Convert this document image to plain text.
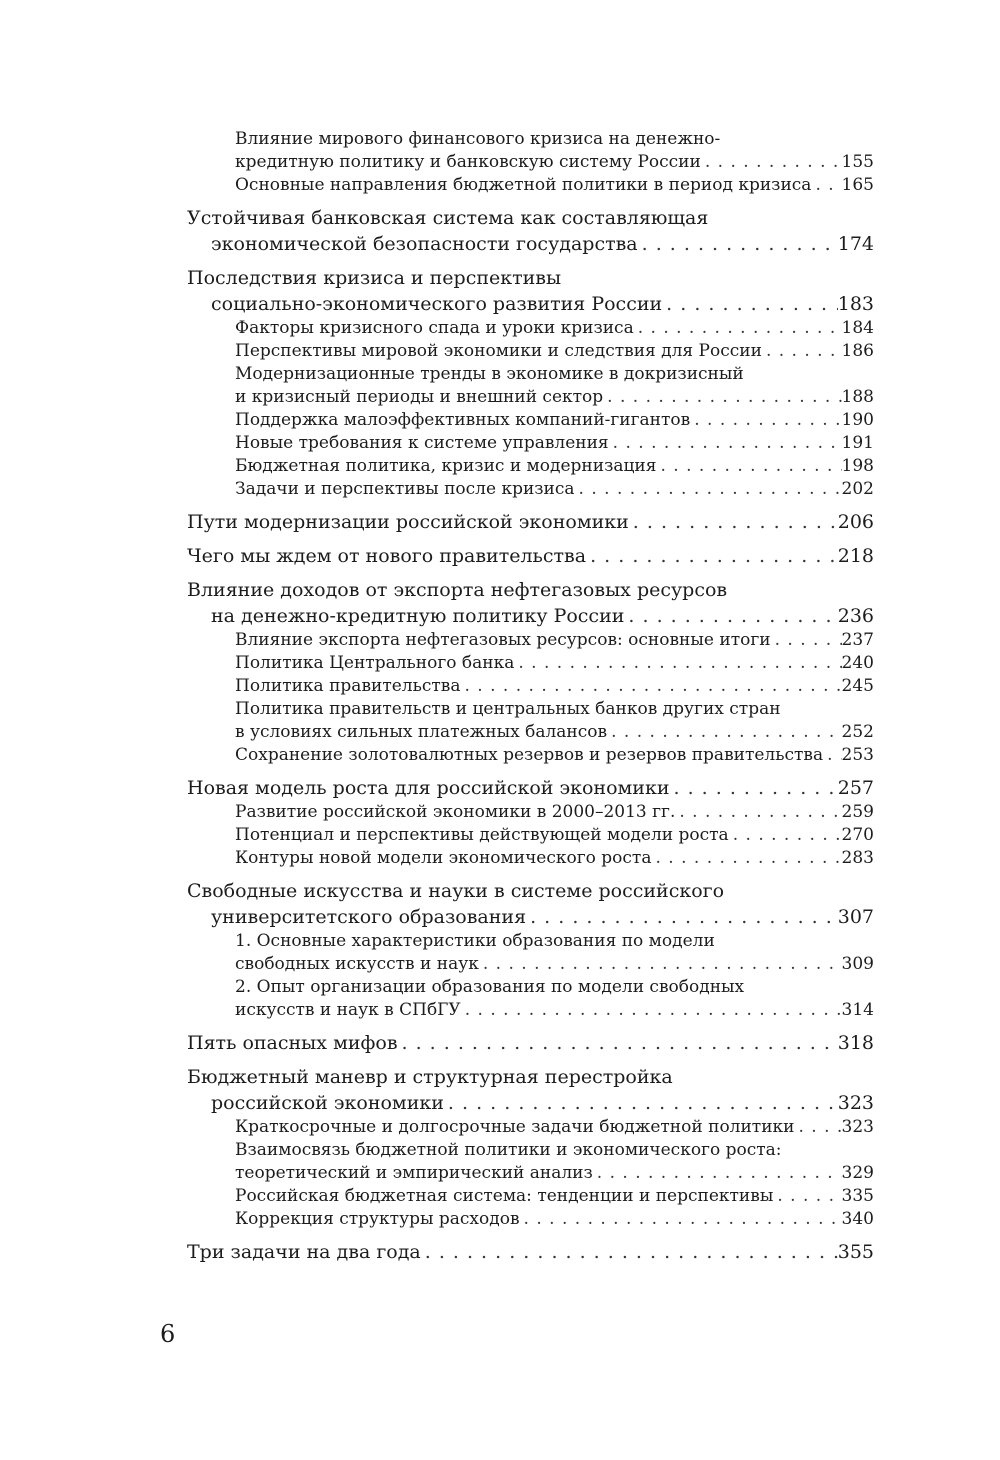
Влияние мирового финансового кризиса на денежно-
кредитную политику и банковскую систему России . . .	155
Основные направления бюджетной политики в период кризиса . . . 165
Устойчивая банковская система как составляющая
экономической безопасности государства . . .	174
Последствия кризиса и перспективы
социально-экономического развития России . . .	183
Факторы кризисного спада и уроки кризиса . . .	184
Перспективы мировой экономики и следствия для России . . .	186
Модернизационные тренды в экономике в докризисный
и кризисный периоды и внешний сектор . . .	188
Поддержка малоэффективных компаний-гигантов . . .	190
Новые требования к системе управления . . .	191
Бюджетная политика, кризис и модернизация . . .	198
Задачи и перспективы после кризиса . . .	202
Пути модернизации российской экономики . . .	206
Чего мы ждем от нового правительства . . .	218
Влияние доходов от экспорта нефтегазовых ресурсов
на денежно-кредитную политику России . . .	236
Влияние экспорта нефтегазовых ресурсов: основные итоги . . .	237
Политика Центрального банка . . .	240
Политика правительства . . .	245
Политика правительств и центральных банков других стран
в условиях сильных платежных балансов . . .	252
Сохранение золотовалютных резервов и резервов правительства . . . 253
Новая модель роста для российской экономики . . .	257
Развитие российской экономики в 2000–2013 гг. . . .	259
Потенциал и перспективы действующей модели роста . . .	270
Контуры новой модели экономического роста . . .	283
Свободные искусства и науки в системе российского
университетского образования . . .	307
1. Основные характеристики образования по модели
свободных искусств и наук . . .	309
2. Опыт организации образования по модели свободных
искусств и наук в СПбГУ . . .	314
Пять опасных мифов . . .	318
Бюджетный маневр и структурная перестройка
российской экономики . . .	323
Краткосрочные и долгосрочные задачи бюджетной политики . . .	323
Взаимосвязь бюджетной политики и экономического роста:
теоретический и эмпирический анализ . . .	329
Российская бюджетная система: тенденции и перспективы . . .	335
Коррекция структуры расходов . . .	340
Три задачи на два года . . .	355
6
